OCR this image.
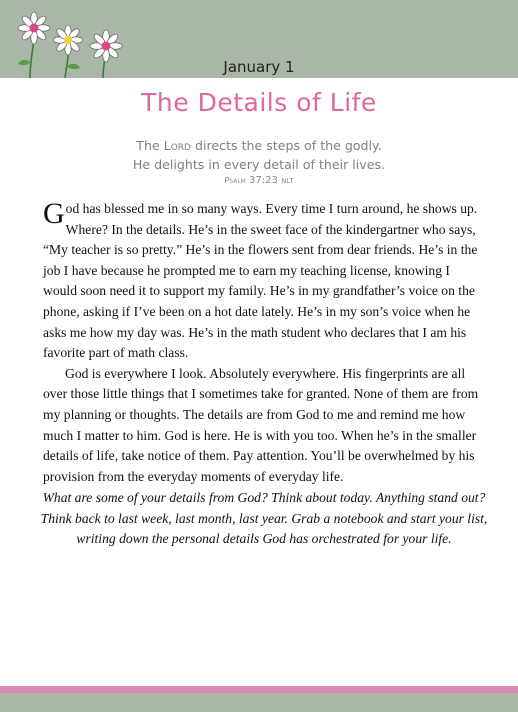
January 1
The Details of Life
The Lord directs the steps of the godly.
He delights in every detail of their lives.
Psalm 37:23 NLT

God has blessed me in so many ways. Every time I turn around, he shows up. Where? In the details. He’s in the sweet face of the kindergartner who says, “My teacher is so pretty.” He’s in the flowers sent from dear friends. He’s in the job I have because he prompted me to earn my teaching license, knowing I would soon need it to support my family. He’s in my grandfather’s voice on the phone, asking if I’ve been on a hot date lately. He’s in my son’s voice when he asks me how my day was. He’s in the math student who declares that I am his favorite part of math class.

God is everywhere I look. Absolutely everywhere. His fingerprints are all over those little things that I sometimes take for granted. None of them are from my planning or thoughts. The details are from God to me and remind me how much I matter to him. God is here. He is with you too. When he’s in the smaller details of life, take notice of them. Pay attention. You’ll be overwhelmed by his provision from the everyday moments of everyday life.

What are some of your details from God? Think about today. Anything stand out? Think back to last week, last month, last year. Grab a notebook and start your list, writing down the personal details God has orchestrated for your life.
